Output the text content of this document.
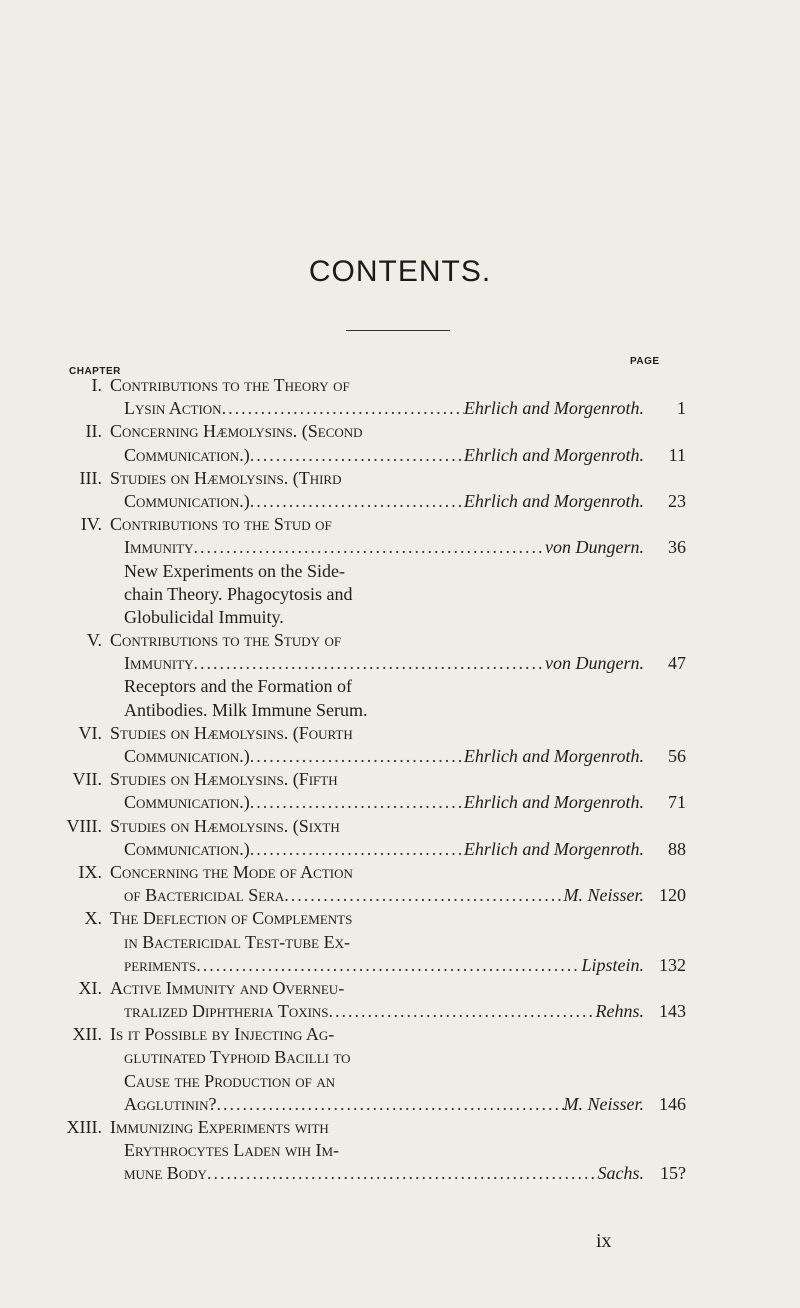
CONTENTS.
CHAPTER
PAGE
I. Contributions to the Theory of
Lysin Action .....	Ehrlich and Morgenroth.	1
II. Concerning Hæmolysins. (Second
Communication.) .....	Ehrlich and Morgenroth.	11
III. Studies on Hæmolysins. (Third
Communication.) .....	Ehrlich and Morgenroth.	23
IV. Contributions to the Stud of
Immunity .....	von Dungern.	36
New Experiments on the Side-
chain Theory. Phagocytosis and
Globulicidal Immuity.
V. Contributions to the Study of
Immunity .....	von Dungern.	47
Receptors and the Formation of
Antibodies. Milk Immune Serum.
VI. Studies on Hæmolysins. (Fourth
Communication.) .....	Ehrlich and Morgenroth.	56
VII. Studies on Hæmolysins. (Fifth
Communication.) .....	Ehrlich and Morgenroth.	71
VIII. Studies on Hæmolysins. (Sixth
Communication.) .....	Ehrlich and Morgenroth.	88
IX. Concerning the Mode of Action
of Bactericidal Sera .....	M. Neisser. 120
X. The Deflection of Complements
in Bactericidal Test-tube Ex-
periments .....	Lipstein. 132
XI. Active Immunity and Overneu-
tralized Diphtheria Toxins .....	Rehns. 143
XII. Is it Possible by Injecting Ag-
glutinated Typhoid Bacilli to
Cause the Production of an
Agglutinin? .....	M. Neisser. 146
XIII. Immunizing Experiments with
Erythrocytes Laden wih Im-
mune Body .....	Sachs. 15?
ix
